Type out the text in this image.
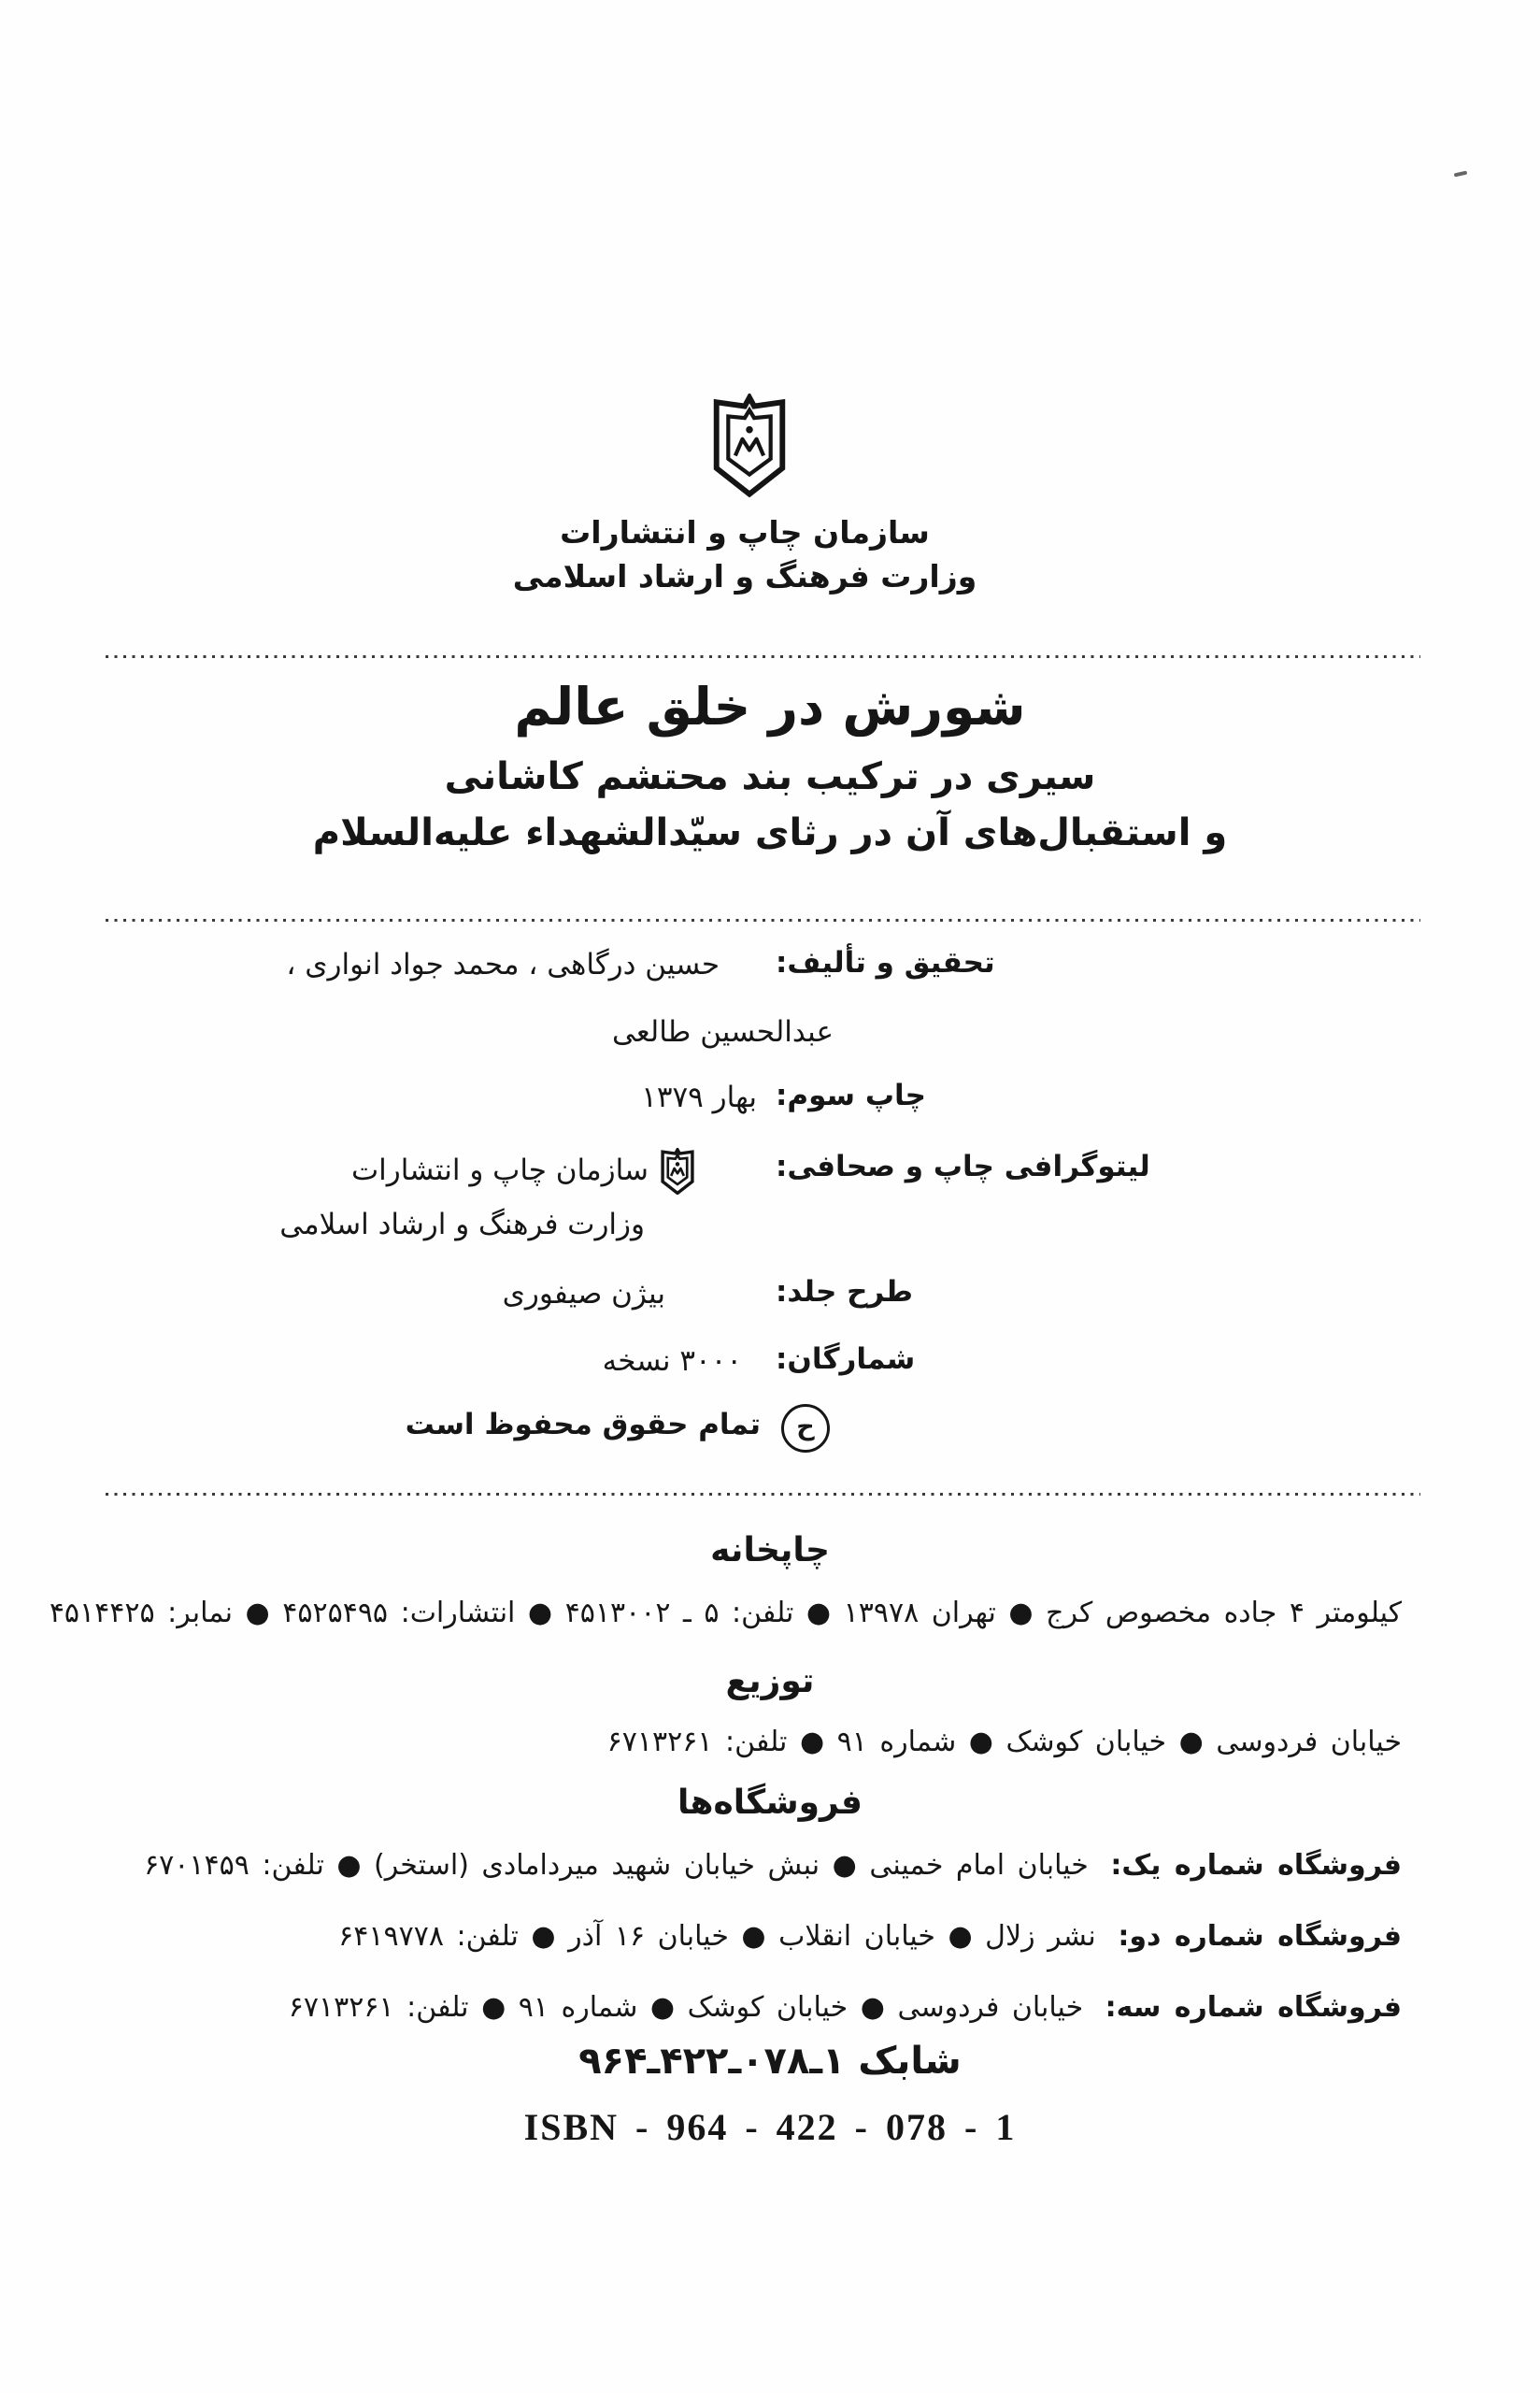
سازمان چاپ و انتشارات
وزارت فرهنگ و ارشاد اسلامی
شورش در خلق عالم
سیری در ترکیب بند محتشم کاشانی
و استقبال‌های آن در رثای سیّدالشهداء علیه‌السلام
تحقیق و تألیف:
حسین درگاهی ، محمد جواد انواری ،
عبدالحسین طالعی
چاپ سوم:
بهار ۱۳۷۹
لیتوگرافی چاپ و صحافی:
سازمان چاپ و انتشارات
وزارت فرهنگ و ارشاد اسلامی
طرح جلد:
بیژن صیفوری
شمارگان:
۳۰۰۰ نسخه
ح
تمام حقوق محفوظ است
چاپخانه
کیلومتر ۴ جاده مخصوص کرج ● تهران ۱۳۹۷۸ ● تلفن: ۵ ـ ۴۵۱۳۰۰۲ ● انتشارات: ۴۵۲۵۴۹۵ ● نمابر: ۴۵۱۴۴۲۵
توزیع
خیابان فردوسی ● خیابان کوشک ● شماره ۹۱ ● تلفن: ۶۷۱۳۲۶۱
فروشگاه‌ها
فروشگاه شماره یک: خیابان امام خمینی ● نبش خیابان شهید میردامادی (استخر) ● تلفن: ۶۷۰۱۴۵۹
فروشگاه شماره دو: نشر زلال ● خیابان انقلاب ● خیابان ۱۶ آذر ● تلفن: ۶۴۱۹۷۷۸
فروشگاه شماره سه: خیابان فردوسی ● خیابان کوشک ● شماره ۹۱ ● تلفن: ۶۷۱۳۲۶۱
شابک ۱ـ۰۷۸ـ۴۲۲ـ۹۶۴
ISBN - 964 - 422 - 078 - 1
